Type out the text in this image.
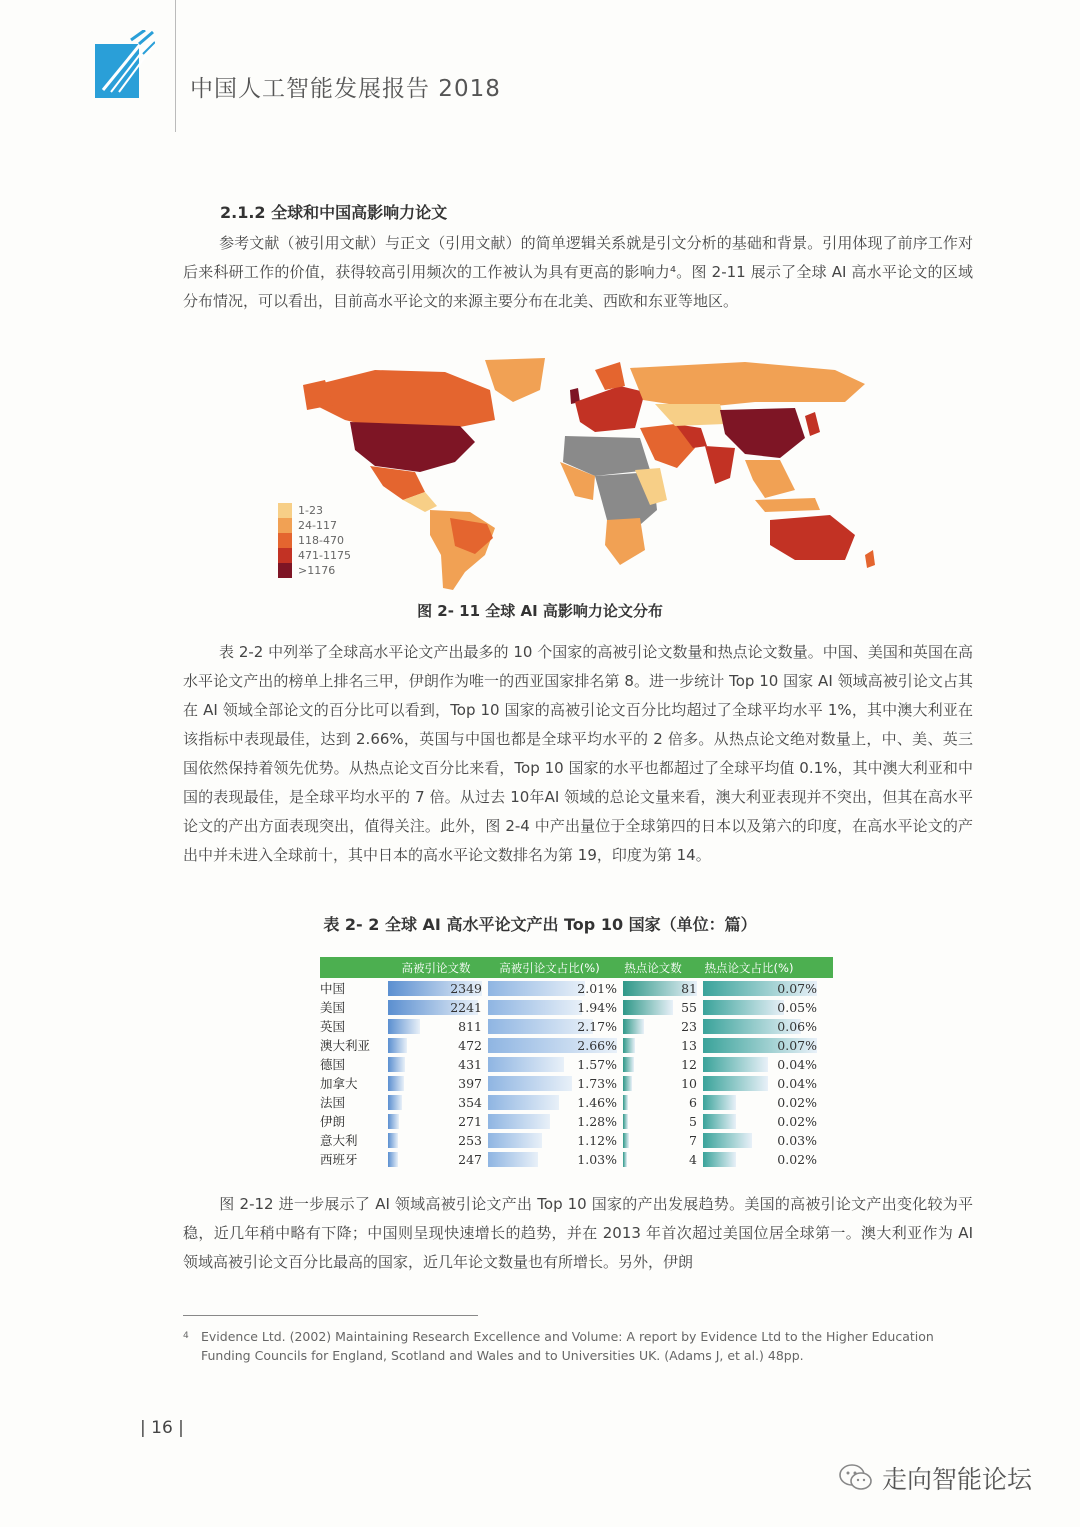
中国人工智能发展报告 2018
2.1.2 全球和中国高影响力论文
参考文献（被引用文献）与正文（引用文献）的简单逻辑关系就是引文分析的基础和背景。引用体现了前序工作对后来科研工作的价值，获得较高引用频次的工作被认为具有更高的影响力⁴。图 2-11 展示了全球 AI 高水平论文的区域分布情况，可以看出，目前高水平论文的来源主要分布在北美、西欧和东亚等地区。
1-23
24-117
118-470
471-1175
>1176
图 2- 11 全球 AI 高影响力论文分布
表 2-2 中列举了全球高水平论文产出最多的 10 个国家的高被引论文数量和热点论文数量。中国、美国和英国在高水平论文产出的榜单上排名三甲，伊朗作为唯一的西亚国家排名第 8。进一步统计 Top 10 国家 AI 领域高被引论文占其在 AI 领域全部论文的百分比可以看到，Top 10 国家的高被引论文百分比均超过了全球平均水平 1%，其中澳大利亚在该指标中表现最佳，达到 2.66%，英国与中国也都是全球平均水平的 2 倍多。从热点论文绝对数量上，中、美、英三国依然保持着领先优势。从热点论文百分比来看，Top 10 国家的水平也都超过了全球平均值 0.1%，其中澳大利亚和中国的表现最佳，是全球平均水平的 7 倍。从过去 10年AI 领域的总论文量来看，澳大利亚表现并不突出，但其在高水平论文的产出方面表现突出，值得关注。此外，图 2-4 中产出量位于全球第四的日本以及第六的印度，在高水平论文的产出中并未进入全球前十，其中日本的高水平论文数排名为第 19，印度为第 14。
表 2- 2 全球 AI 高水平论文产出 Top 10 国家（单位：篇）
高被引论文数	高被引论文占比(%)	热点论文数	热点论文占比(%)
中国	2349	2.01%	81	0.07%
美国	2241	1.94%	55	0.05%
英国	811	2.17%	23	0.06%
澳大利亚	472	2.66%	13	0.07%
德国	431	1.57%	12	0.04%
加拿大	397	1.73%	10	0.04%
法国	354	1.46%	6	0.02%
伊朗	271	1.28%	5	0.02%
意大利	253	1.12%	7	0.03%
西班牙	247	1.03%	4	0.02%
图 2-12 进一步展示了 AI 领域高被引论文产出 Top 10 国家的产出发展趋势。美国的高被引论文产出变化较为平稳，近几年稍中略有下降；中国则呈现快速增长的趋势，并在 2013 年首次超过美国位居全球第一。澳大利亚作为 AI 领域高被引论文百分比最高的国家，近几年论文数量也有所增长。另外，伊朗
4 Evidence Ltd. (2002) Maintaining Research Excellence and Volume: A report by Evidence Ltd to the Higher Education Funding Councils for England, Scotland and Wales and to Universities UK. (Adams J, et al.) 48pp.
| 16 |
走向智能论坛
